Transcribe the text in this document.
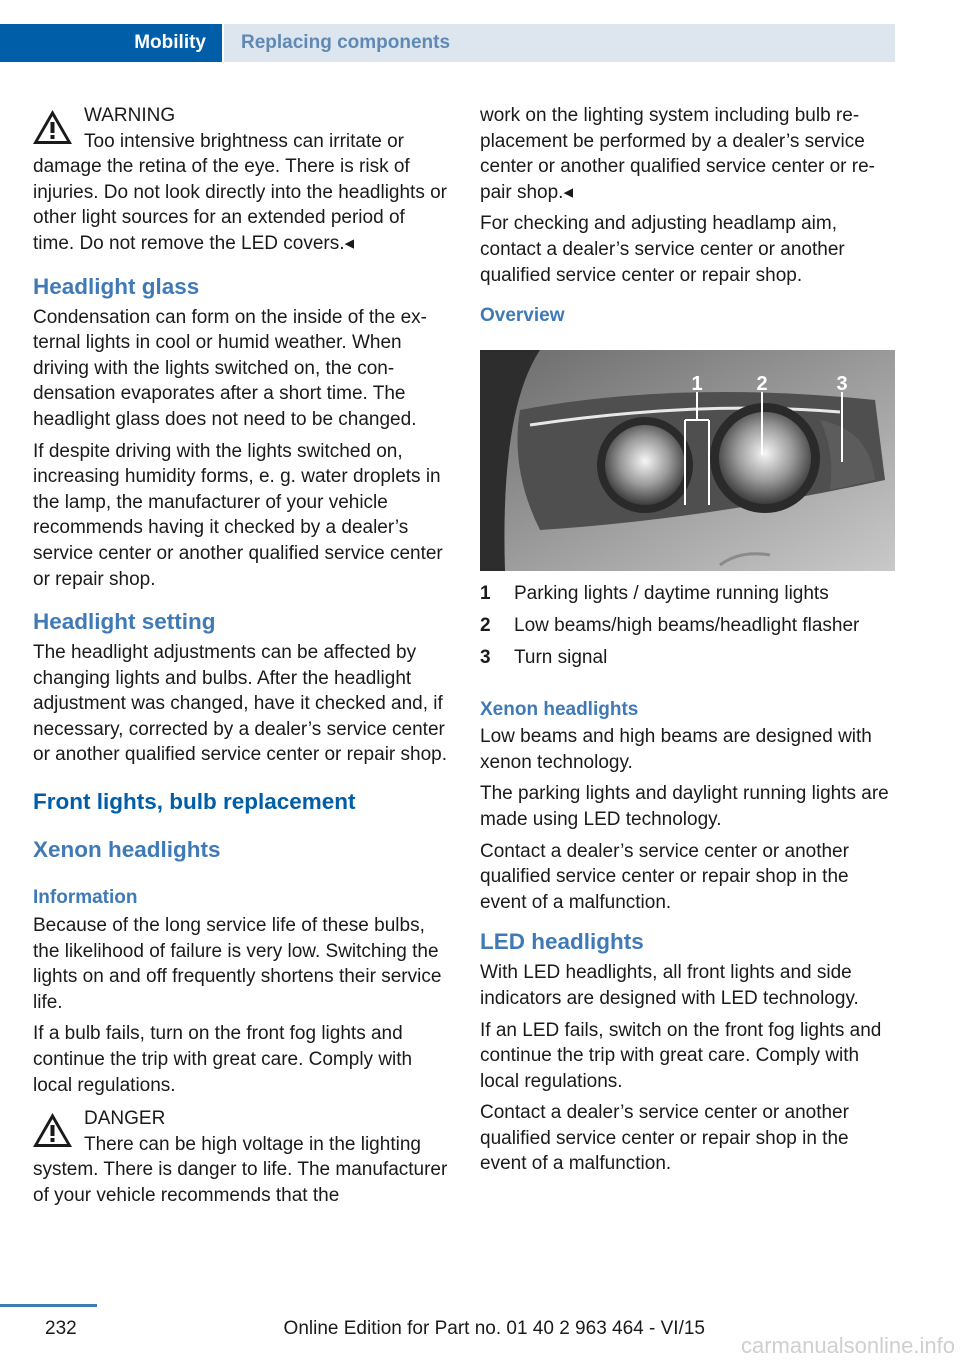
Mobility	Replacing components
WARNING

Too intensive brightness can irritate or damage the retina of the eye. There is risk of injuries. Do not look directly into the headlights or other light sources for an extended period of time. Do not remove the LED covers.◂

Headlight glass

Condensation can form on the inside of the external lights in cool or humid weather. When driving with the lights switched on, the condensation evaporates after a short time. The headlight glass does not need to be changed.

If despite driving with the lights switched on, increasing humidity forms, e. g. water droplets in the lamp, the manufacturer of your vehicle recommends having it checked by a dealer’s service center or another qualified service center or repair shop.

Headlight setting

The headlight adjustments can be affected by changing lights and bulbs. After the headlight adjustment was changed, have it checked and, if necessary, corrected by a dealer’s service center or another qualified service center or repair shop.

Front lights, bulb replacement
Xenon headlights
Information

Because of the long service life of these bulbs, the likelihood of failure is very low. Switching the lights on and off frequently shortens their service life.

If a bulb fails, turn on the front fog lights and continue the trip with great care. Comply with local regulations.

DANGER

There can be high voltage in the lighting system. There is danger to life. The manufacturer of your vehicle recommends that the

work on the lighting system including bulb replacement be performed by a dealer’s service center or another qualified service center or repair shop.◂

For checking and adjusting headlamp aim, contact a dealer’s service center or another qualified service center or repair shop.

Overview
1	2	3
1	Parking lights / daytime running lights
2	Low beams/high beams/headlight flasher
3	Turn signal
Xenon headlights

Low beams and high beams are designed with xenon technology.

The parking lights and daylight running lights are made using LED technology.

Contact a dealer’s service center or another qualified service center or repair shop in the event of a malfunction.

LED headlights

With LED headlights, all front lights and side indicators are designed with LED technology.

If an LED fails, switch on the front fog lights and continue the trip with great care. Comply with local regulations.

Contact a dealer’s service center or another qualified service center or repair shop in the event of a malfunction.

232	Online Edition for Part no. 01 40 2 963 464 - VI/15
carmanualsonline.info
